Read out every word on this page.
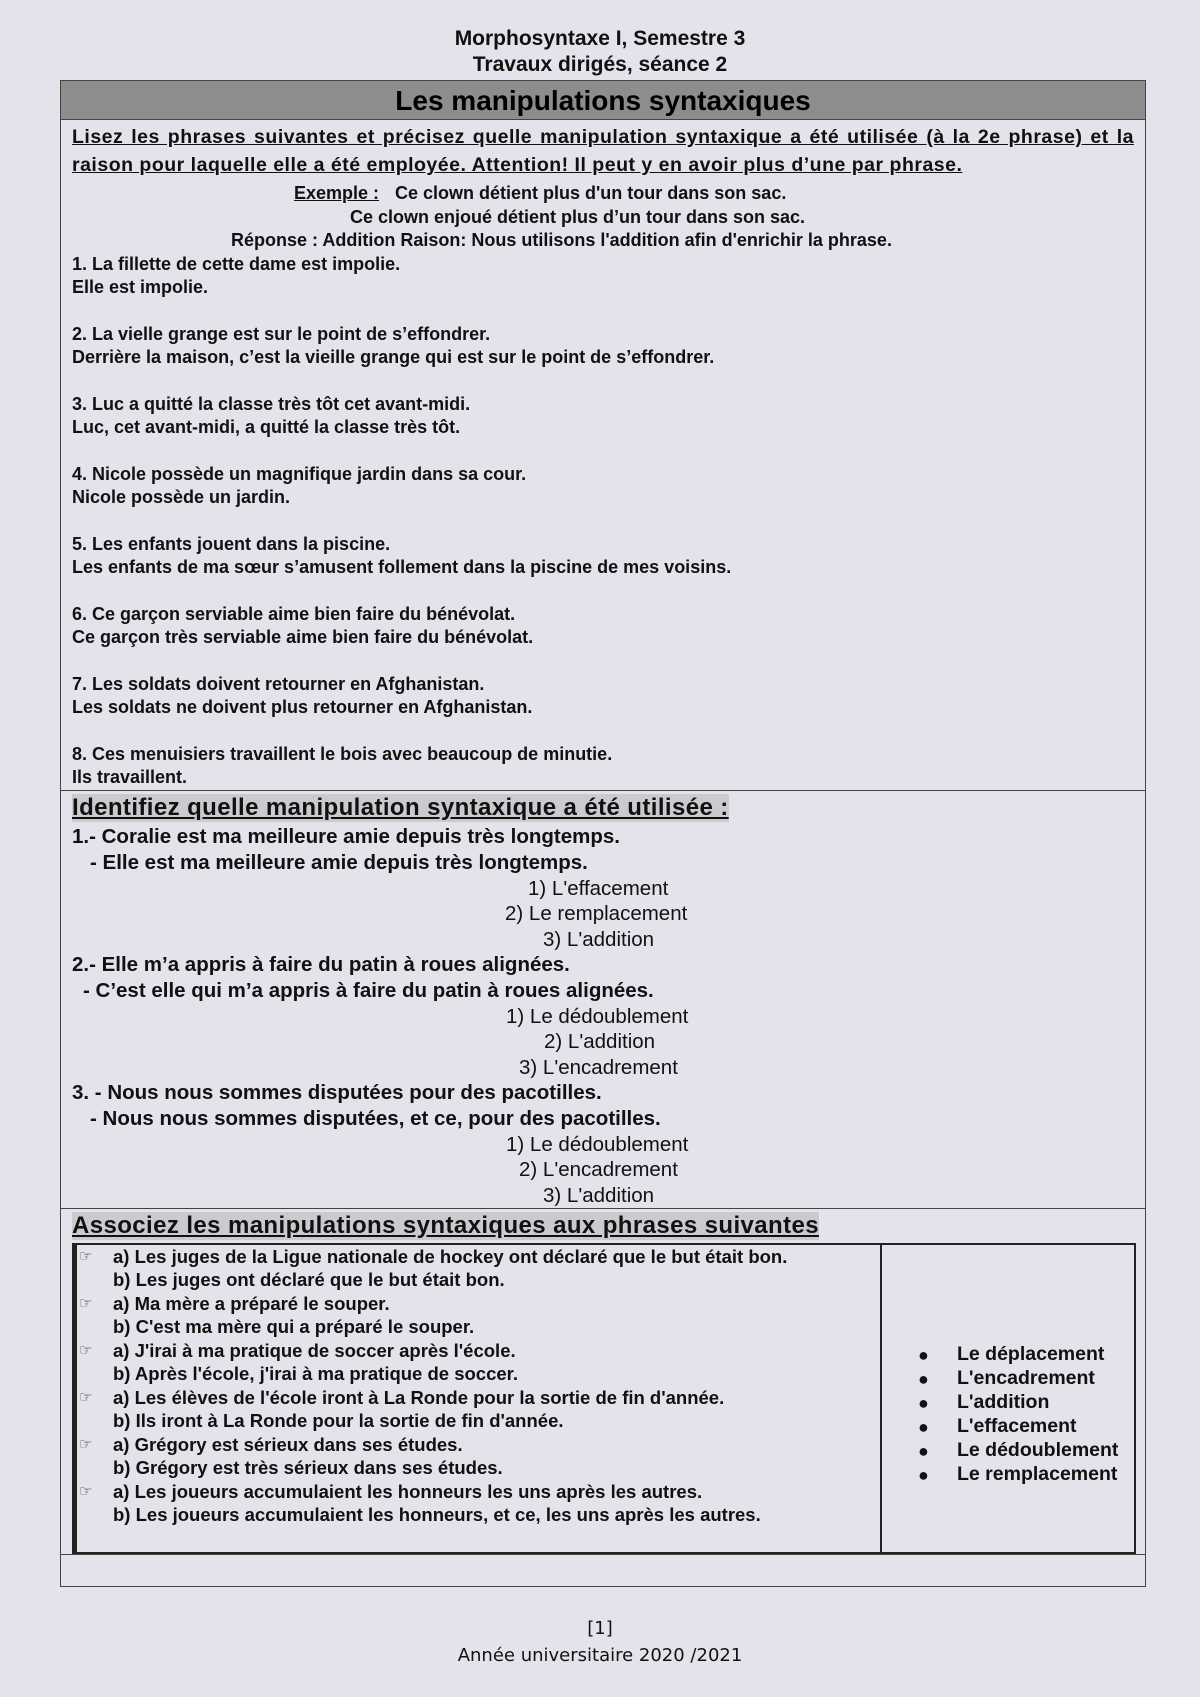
Morphosyntaxe I, Semestre 3
Travaux dirigés, séance 2
Les manipulations syntaxiques
Lisez les phrases suivantes et précisez quelle manipulation syntaxique a été utilisée (à la 2e phrase) et la raison pour laquelle elle a été employée. Attention! Il peut y en avoir plus d’une par phrase.
Exemple : Ce clown détient plus d'un tour dans son sac.
Ce clown enjoué détient plus d’un tour dans son sac.
Réponse : Addition Raison: Nous utilisons l'addition afin d'enrichir la phrase.
1. La fillette de cette dame est impolie.
Elle est impolie.
2. La vielle grange est sur le point de s’effondrer.
Derrière la maison, c’est la vieille grange qui est sur le point de s’effondrer.
3. Luc a quitté la classe très tôt cet avant-midi.
Luc, cet avant-midi, a quitté la classe très tôt.
4. Nicole possède un magnifique jardin dans sa cour.
Nicole possède un jardin.
5. Les enfants jouent dans la piscine.
Les enfants de ma sœur s’amusent follement dans la piscine de mes voisins.
6. Ce garçon serviable aime bien faire du bénévolat.
Ce garçon très serviable aime bien faire du bénévolat.
7. Les soldats doivent retourner en Afghanistan.
Les soldats ne doivent plus retourner en Afghanistan.
8. Ces menuisiers travaillent le bois avec beaucoup de minutie.
Ils travaillent.
Identifiez quelle manipulation syntaxique a été utilisée :
1.- Coralie est ma meilleure amie depuis très longtemps.
- Elle est ma meilleure amie depuis très longtemps.
1) L'effacement
2) Le remplacement
3) L'addition
2.- Elle m’a appris à faire du patin à roues alignées.
- C’est elle qui m’a appris à faire du patin à roues alignées.
1) Le dédoublement
2) L'addition
3) L'encadrement
3. - Nous nous sommes disputées pour des pacotilles.
- Nous nous sommes disputées, et ce, pour des pacotilles.
1) Le dédoublement
2) L'encadrement
3) L'addition
Associez les manipulations syntaxiques aux phrases suivantes
☞ a) Les juges de la Ligue nationale de hockey ont déclaré que le but était bon.
b) Les juges ont déclaré que le but était bon.
☞ a) Ma mère a préparé le souper.
b) C'est ma mère qui a préparé le souper.
☞ a) J'irai à ma pratique de soccer après l'école.
b) Après l'école, j'irai à ma pratique de soccer.
☞ a) Les élèves de l'école iront à La Ronde pour la sortie de fin d'année.
b) Ils iront à La Ronde pour la sortie de fin d'année.
☞ a) Grégory est sérieux dans ses études.
b) Grégory est très sérieux dans ses études.
☞ a) Les joueurs accumulaient les honneurs les uns après les autres.
b) Les joueurs accumulaient les honneurs, et ce, les uns après les autres.
● Le déplacement
● L'encadrement
● L'addition
● L'effacement
● Le dédoublement
● Le remplacement
[1]
Année universitaire 2020 /2021
